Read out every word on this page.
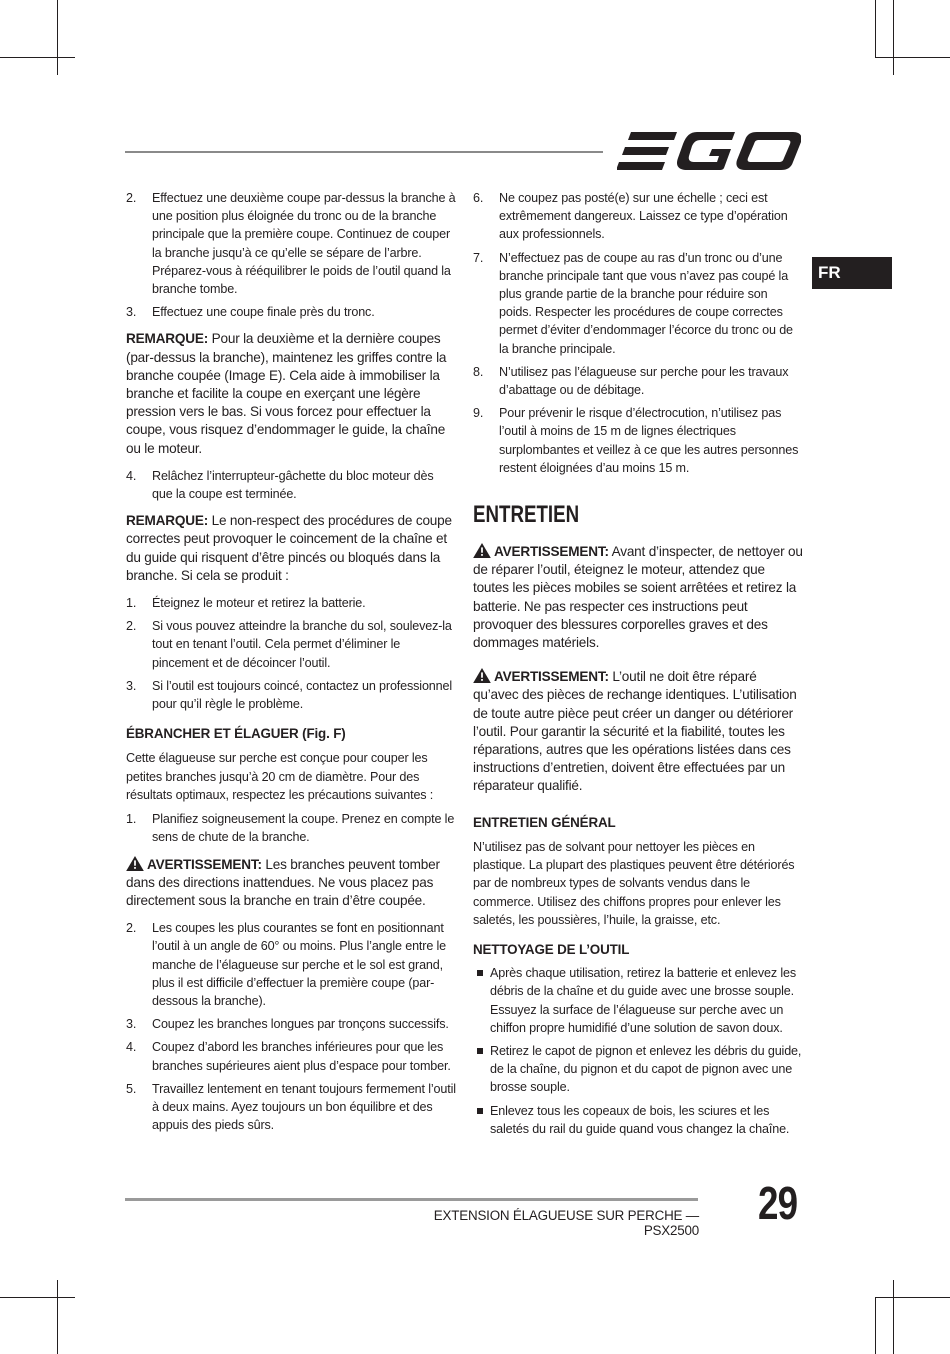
FR
2. Effectuez une deuxième coupe par-dessus la branche à une position plus éloignée du tronc ou de la branche principale que la première coupe. Continuez de couper la branche jusqu’à ce qu’elle se sépare de l’arbre. Préparez-vous à rééquilibrer le poids de l’outil quand la branche tombe.
3. Effectuez une coupe finale près du tronc.
REMARQUE: Pour la deuxième et la dernière coupes (par-dessus la branche), maintenez les griffes contre la branche coupée (Image E). Cela aide à immobiliser la branche et facilite la coupe en exerçant une légère pression vers le bas. Si vous forcez pour effectuer la coupe, vous risquez d’endommager le guide, la chaîne ou le moteur.
4. Relâchez l’interrupteur-gâchette du bloc moteur dès que la coupe est terminée.
REMARQUE: Le non-respect des procédures de coupe correctes peut provoquer le coincement de la chaîne et du guide qui risquent d’être pincés ou bloqués dans la branche. Si cela se produit :
1. Éteignez le moteur et retirez la batterie.
2. Si vous pouvez atteindre la branche du sol, soulevez-la tout en tenant l’outil. Cela permet d’éliminer le pincement et de décoincer l’outil.
3. Si l’outil est toujours coincé, contactez un professionnel pour qu’il règle le problème.
ÉBRANCHER ET ÉLAGUER (Fig. F)
Cette élagueuse sur perche est conçue pour couper les petites branches jusqu’à 20 cm de diamètre. Pour des résultats optimaux, respectez les précautions suivantes :
1. Planifiez soigneusement la coupe. Prenez en compte le sens de chute de la branche.
AVERTISSEMENT: Les branches peuvent tomber dans des directions inattendues. Ne vous placez pas directement sous la branche en train d’être coupée.
2. Les coupes les plus courantes se font en positionnant l’outil à un angle de 60° ou moins. Plus l’angle entre le manche de l’élagueuse sur perche et le sol est grand, plus il est difficile d’effectuer la première coupe (par-dessous la branche).
3. Coupez les branches longues par tronçons successifs.
4. Coupez d’abord les branches inférieures pour que les branches supérieures aient plus d’espace pour tomber.
5. Travaillez lentement en tenant toujours fermement l’outil à deux mains. Ayez toujours un bon équilibre et des appuis des pieds sûrs.
6. Ne coupez pas posté(e) sur une échelle ; ceci est extrêmement dangereux. Laissez ce type d’opération aux professionnels.
7. N’effectuez pas de coupe au ras d’un tronc ou d’une branche principale tant que vous n’avez pas coupé la plus grande partie de la branche pour réduire son poids. Respecter les procédures de coupe correctes permet d’éviter d’endommager l’écorce du tronc ou de la branche principale.
8. N’utilisez pas l’élagueuse sur perche pour les travaux d’abattage ou de débitage.
9. Pour prévenir le risque d’électrocution, n’utilisez pas l’outil à moins de 15 m de lignes électriques surplombantes et veillez à ce que les autres personnes restent éloignées d’au moins 15 m.
ENTRETIEN
AVERTISSEMENT: Avant d’inspecter, de nettoyer ou de réparer l’outil, éteignez le moteur, attendez que toutes les pièces mobiles se soient arrêtées et retirez la batterie. Ne pas respecter ces instructions peut provoquer des blessures corporelles graves et des dommages matériels.
AVERTISSEMENT: L’outil ne doit être réparé qu’avec des pièces de rechange identiques. L’utilisation de toute autre pièce peut créer un danger ou détériorer l’outil. Pour garantir la sécurité et la fiabilité, toutes les réparations, autres que les opérations listées dans ces instructions d’entretien, doivent être effectuées par un réparateur qualifié.
ENTRETIEN GÉNÉRAL
N’utilisez pas de solvant pour nettoyer les pièces en plastique. La plupart des plastiques peuvent être détériorés par de nombreux types de solvants vendus dans le commerce. Utilisez des chiffons propres pour enlever les saletés, les poussières, l’huile, la graisse, etc.
NETTOYAGE DE L’OUTIL
Après chaque utilisation, retirez la batterie et enlevez les débris de la chaîne et du guide avec une brosse souple. Essuyez la surface de l’élagueuse sur perche avec un chiffon propre humidifié d’une solution de savon doux.
Retirez le capot de pignon et enlevez les débris du guide, de la chaîne, du pignon et du capot de pignon avec une brosse souple.
Enlevez tous les copeaux de bois, les sciures et les saletés du rail du guide quand vous changez la chaîne.
EXTENSION ÉLAGUEUSE SUR PERCHE — PSX2500
29
